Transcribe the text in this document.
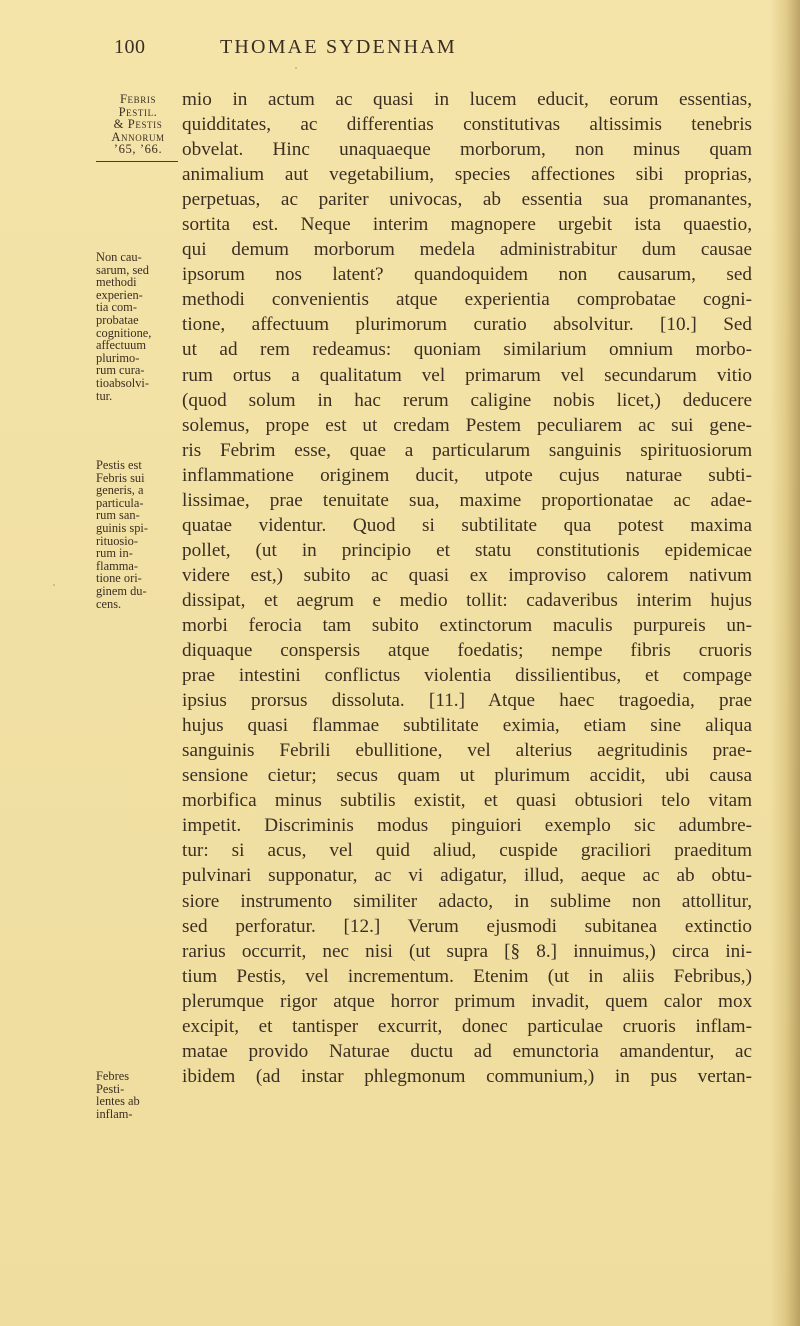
100	THOMAE SYDENHAM
Febris
Pestil.
& Pestis
Annorum
’65, ’66.
Non cau-
sarum, sed
methodi
experien-
tia com-
probatae
cognitione,
affectuum
plurimo-
rum cura-
tioabsolvi-
tur.
Pestis est
Febris sui
generis, a
particula-
rum san-
guinis spi-
rituosio-
rum in-
flamma-
tione ori-
ginem du-
cens.
Febres
Pesti-
lentes ab
inflam-
mio in actum ac quasi in lucem educit, eorum essentias,
quidditates, ac differentias constitutivas altissimis tenebris
obvelat. Hinc unaquaeque morborum, non minus quam
animalium aut vegetabilium, species affectiones sibi proprias,
perpetuas, ac pariter univocas, ab essentia sua promanantes,
sortita est. Neque interim magnopere urgebit ista quaestio,
qui demum morborum medela administrabitur dum causae
ipsorum nos latent? quandoquidem non causarum, sed
methodi convenientis atque experientia comprobatae cogni-
tione, affectuum plurimorum curatio absolvitur. [10.] Sed
ut ad rem redeamus: quoniam similarium omnium morbo-
rum ortus a qualitatum vel primarum vel secundarum vitio
(quod solum in hac rerum caligine nobis licet,) deducere
solemus, prope est ut credam Pestem peculiarem ac sui gene-
ris Febrim esse, quae a particularum sanguinis spirituosiorum
inflammatione originem ducit, utpote cujus naturae subti-
lissimae, prae tenuitate sua, maxime proportionatae ac adae-
quatae videntur. Quod si subtilitate qua potest maxima
pollet, (ut in principio et statu constitutionis epidemicae
videre est,) subito ac quasi ex improviso calorem nativum
dissipat, et aegrum e medio tollit: cadaveribus interim hujus
morbi ferocia tam subito extinctorum maculis purpureis un-
diquaque conspersis atque foedatis; nempe fibris cruoris
prae intestini conflictus violentia dissilientibus, et compage
ipsius prorsus dissoluta. [11.] Atque haec tragoedia, prae
hujus quasi flammae subtilitate eximia, etiam sine aliqua
sanguinis Febrili ebullitione, vel alterius aegritudinis prae-
sensione cietur; secus quam ut plurimum accidit, ubi causa
morbifica minus subtilis existit, et quasi obtusiori telo vitam
impetit. Discriminis modus pinguiori exemplo sic adumbre-
tur: si acus, vel quid aliud, cuspide graciliori praeditum
pulvinari supponatur, ac vi adigatur, illud, aeque ac ab obtu-
siore instrumento similiter adacto, in sublime non attollitur,
sed perforatur. [12.] Verum ejusmodi subitanea extinctio
rarius occurrit, nec nisi (ut supra [§ 8.] innuimus,) circa ini-
tium Pestis, vel incrementum. Etenim (ut in aliis Febribus,)
plerumque rigor atque horror primum invadit, quem calor mox
excipit, et tantisper excurrit, donec particulae cruoris inflam-
matae provido Naturae ductu ad emunctoria amandentur, ac
ibidem (ad instar phlegmonum communium,) in pus vertan-
